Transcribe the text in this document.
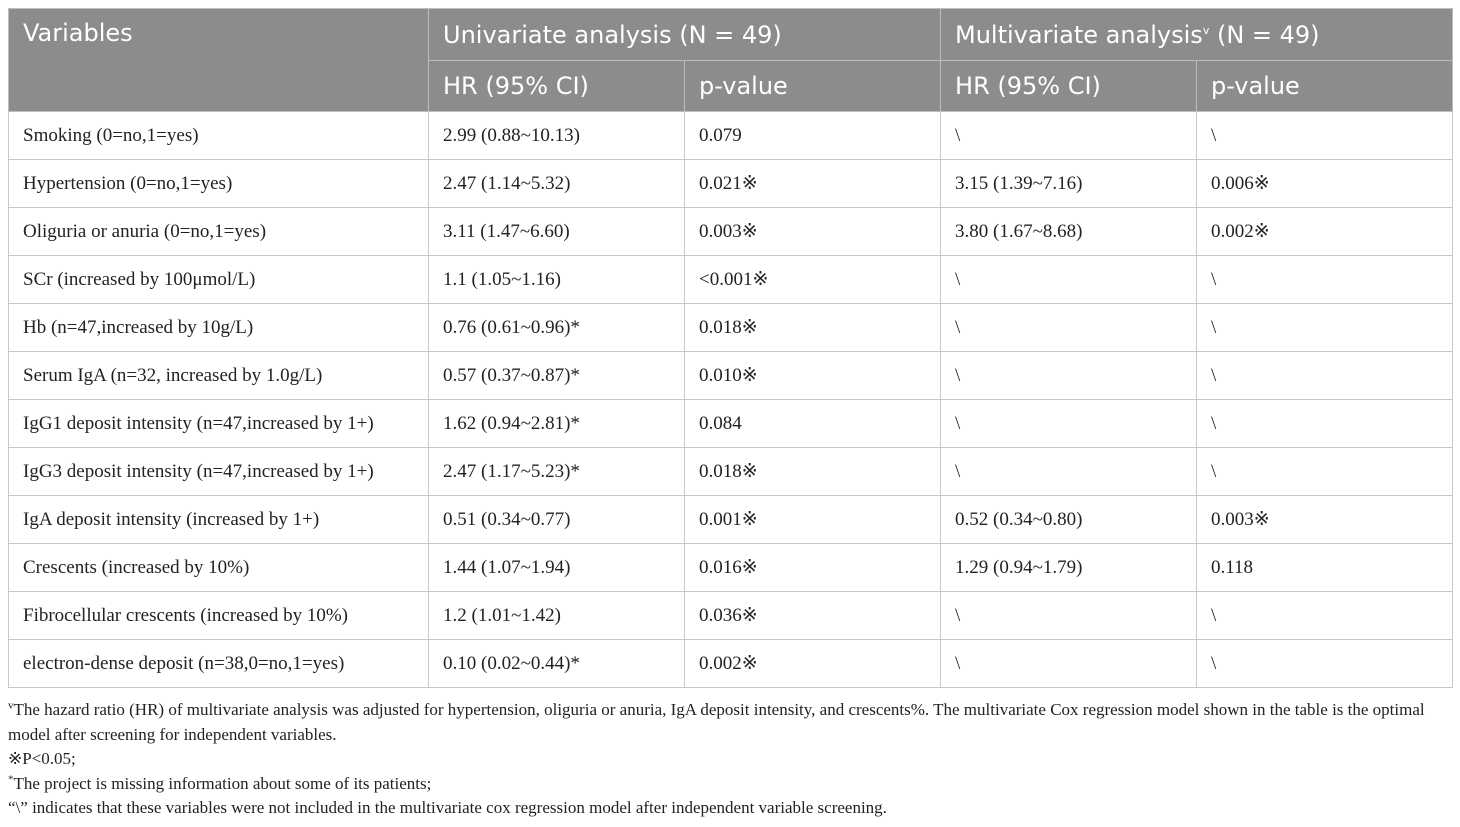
Variables	Univariate analysis (N = 49)		Multivariate analysis$^v$ (N = 49)	
	HR (95% CI)	p-value	HR (95% CI)	p-value
Smoking (0=no,1=yes)	2.99 (0.88~10.13)	0.079	\	\
Hypertension (0=no,1=yes)	2.47 (1.14~5.32)	0.021※	3.15 (1.39~7.16)	0.006※
Oliguria or anuria (0=no,1=yes)	3.11 (1.47~6.60)	0.003※	3.80 (1.67~8.68)	0.002※
SCr (increased by 100μmol/L)	1.1 (1.05~1.16)	<0.001※	\	\
Hb (n=47,increased by 10g/L)	0.76 (0.61~0.96)*	0.018※	\	\
Serum IgA (n=32, increased by 1.0g/L)	0.57 (0.37~0.87)*	0.010※	\	\
IgG1 deposit intensity (n=47,increased by 1+)	1.62 (0.94~2.81)*	0.084	\	\
IgG3 deposit intensity (n=47,increased by 1+)	2.47 (1.17~5.23)*	0.018※	\	\
IgA deposit intensity (increased by 1+)	0.51 (0.34~0.77)	0.001※	0.52 (0.34~0.80)	0.003※
Crescents (increased by 10%)	1.44 (1.07~1.94)	0.016※	1.29 (0.94~1.79)	0.118
Fibrocellular crescents (increased by 10%)	1.2 (1.01~1.42)	0.036※	\	\
electron-dense deposit (n=38,0=no,1=yes)	0.10 (0.02~0.44)*	0.002※	\	\

$^v$The hazard ratio (HR) of multivariate analysis was adjusted for hypertension, oliguria or anuria, IgA deposit intensity, and crescents%. The multivariate Cox regression model shown in the table is the optimal model after screening for independent variables.

※P<0.05;

*The project is missing information about some of its patients;

“\” indicates that these variables were not included in the multivariate cox regression model after independent variable screening.
